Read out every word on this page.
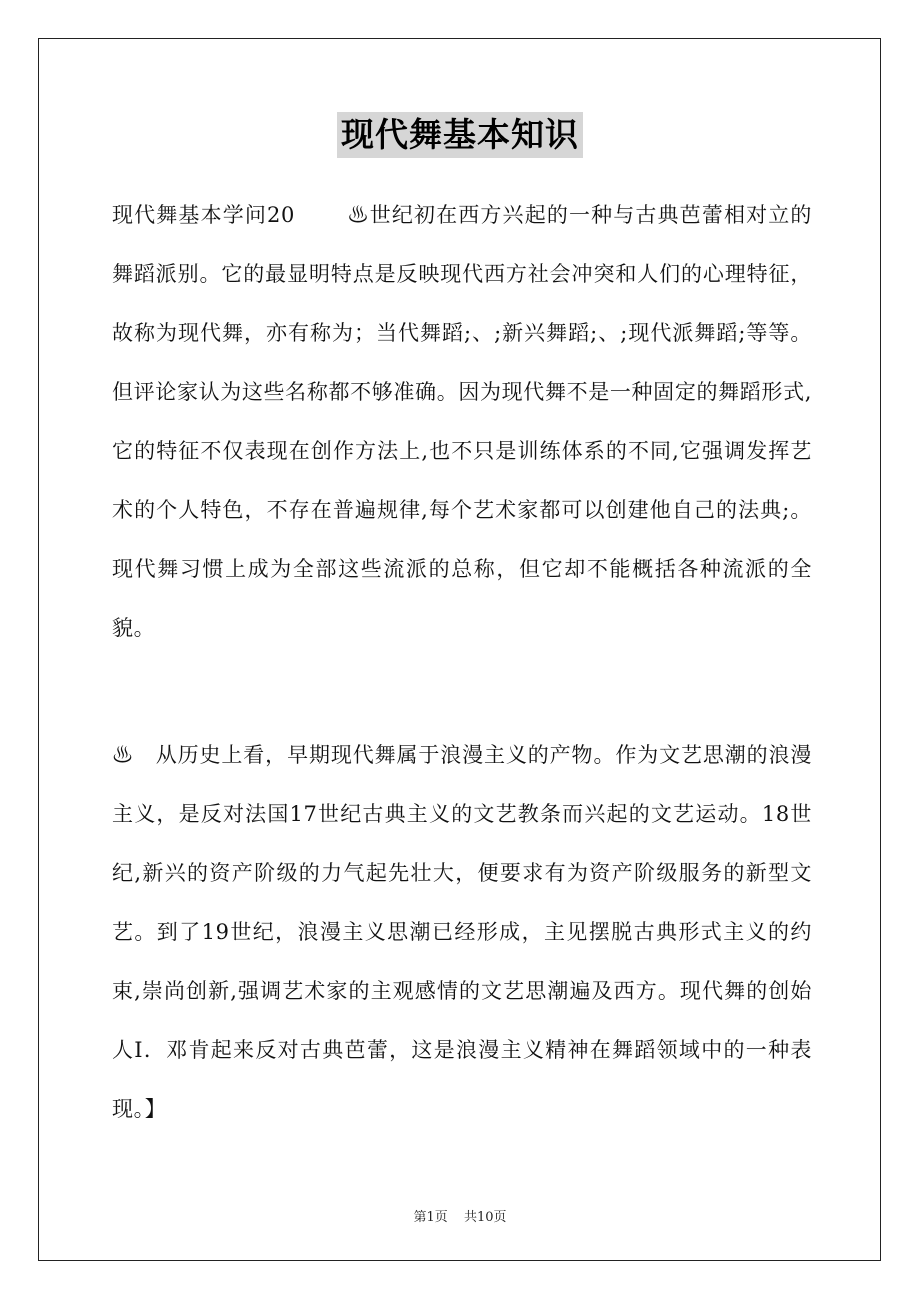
现代舞基本知识

现代舞基本学问20　　 ♨世纪初在西方兴起的一种与古典芭蕾相对立的舞蹈派别。它的最显明特点是反映现代西方社会冲突和人们的心理特征，故称为现代舞，亦有称为；当代舞蹈;、;新兴舞蹈;、;现代派舞蹈;等等。但评论家认为这些名称都不够准确。因为现代舞不是一种固定的舞蹈形式,它的特征不仅表现在创作方法上,也不只是训练体系的不同,它强调发挥艺术的个人特色，不存在普遍规律,每个艺术家都可以创建他自己的法典;。现代舞习惯上成为全部这些流派的总称，但它却不能概括各种流派的全貌。

♨　从历史上看，早期现代舞属于浪漫主义的产物。作为文艺思潮的浪漫主义，是反对法国17世纪古典主义的文艺教条而兴起的文艺运动。18世纪,新兴的资产阶级的力气起先壮大，便要求有为资产阶级服务的新型文艺。到了19世纪，浪漫主义思潮已经形成，主见摆脱古典形式主义的约束,崇尚创新,强调艺术家的主观感情的文艺思潮遍及西方。现代舞的创始人I．邓肯起来反对古典芭蕾，这是浪漫主义精神在舞蹈领域中的一种表现。】

第1页 共10页
